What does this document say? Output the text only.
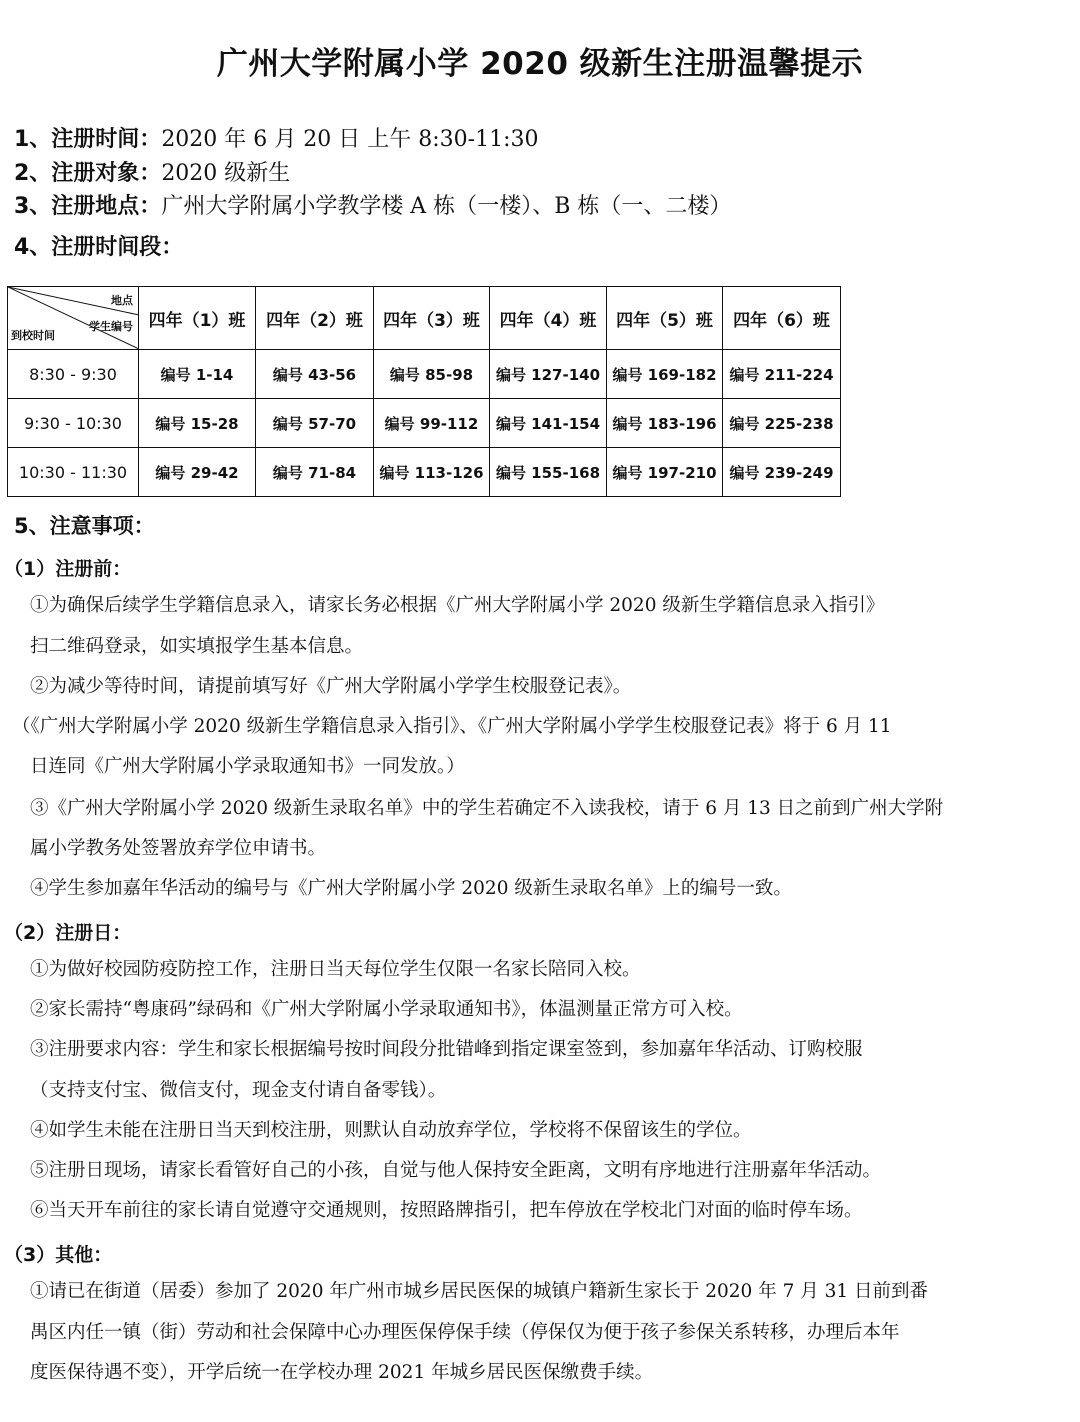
广州大学附属小学 2020 级新生注册温馨提示
1、注册时间：2020 年 6 月 20 日 上午 8:30-11:30
2、注册对象：2020 级新生
3、注册地点：广州大学附属小学教学楼 A 栋（一楼）、B 栋（一、二楼）
4、注册时间段：
地点
学生编号
到校时间	四年（1）班	四年（2）班	四年（3）班	四年（4）班	四年（5）班	四年（6）班
8:30 - 9:30	编号 1-14	编号 43-56	编号 85-98	编号 127-140	编号 169-182	编号 211-224
9:30 - 10:30	编号 15-28	编号 57-70	编号 99-112	编号 141-154	编号 183-196	编号 225-238
10:30 - 11:30	编号 29-42	编号 71-84	编号 113-126	编号 155-168	编号 197-210	编号 239-249
5、注意事项：
（1）注册前：
①为确保后续学生学籍信息录入，请家长务必根据《广州大学附属小学 2020 级新生学籍信息录入指引》
扫二维码登录，如实填报学生基本信息。
②为减少等待时间，请提前填写好《广州大学附属小学学生校服登记表》。
（《广州大学附属小学 2020 级新生学籍信息录入指引》、《广州大学附属小学学生校服登记表》将于 6 月 11
日连同《广州大学附属小学录取通知书》一同发放。）
③《广州大学附属小学 2020 级新生录取名单》中的学生若确定不入读我校，请于 6 月 13 日之前到广州大学附
属小学教务处签署放弃学位申请书。
④学生参加嘉年华活动的编号与《广州大学附属小学 2020 级新生录取名单》上的编号一致。
（2）注册日：
①为做好校园防疫防控工作，注册日当天每位学生仅限一名家长陪同入校。
②家长需持“粤康码”绿码和《广州大学附属小学录取通知书》，体温测量正常方可入校。
③注册要求内容：学生和家长根据编号按时间段分批错峰到指定课室签到，参加嘉年华活动、订购校服
（支持支付宝、微信支付，现金支付请自备零钱）。
④如学生未能在注册日当天到校注册，则默认自动放弃学位，学校将不保留该生的学位。
⑤注册日现场，请家长看管好自己的小孩，自觉与他人保持安全距离，文明有序地进行注册嘉年华活动。
⑥当天开车前往的家长请自觉遵守交通规则，按照路牌指引，把车停放在学校北门对面的临时停车场。
（3）其他：
①请已在街道（居委）参加了 2020 年广州市城乡居民医保的城镇户籍新生家长于 2020 年 7 月 31 日前到番
禺区内任一镇（街）劳动和社会保障中心办理医保停保手续（停保仅为便于孩子参保关系转移，办理后本年
度医保待遇不变），开学后统一在学校办理 2021 年城乡居民医保缴费手续。
